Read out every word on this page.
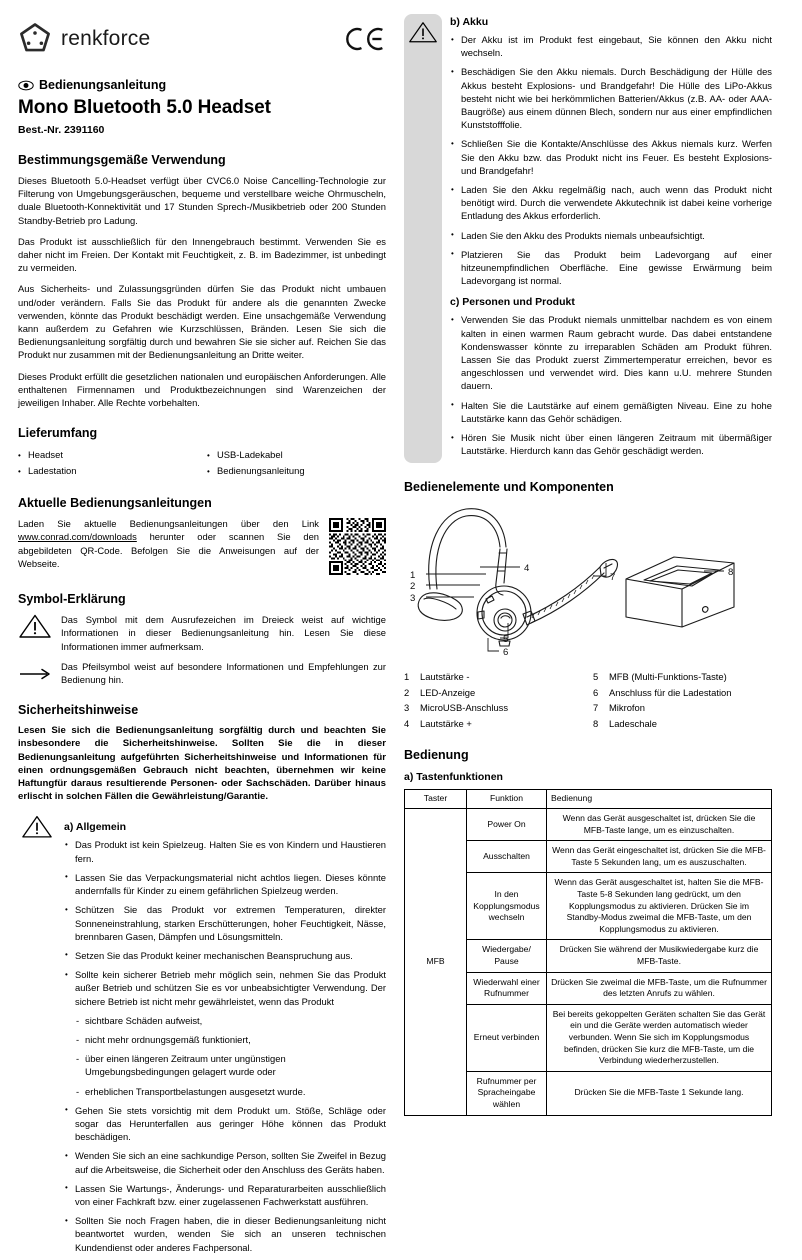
renkforce
Bedienungsanleitung
Mono Bluetooth 5.0 Headset
Best.-Nr. 2391160
Bestimmungsgemäße Verwendung

Dieses Bluetooth 5.0-Headset verfügt über CVC6.0 Noise Cancelling-Technologie zur Filterung von Umgebungsgeräuschen, bequeme und verstellbare weiche Ohrmuscheln, duale Bluetooth-Konnektivität und 17 Stunden Sprech-/Musikbetrieb oder 200 Stunden Standby-Betrieb pro Ladung.

Das Produkt ist ausschließlich für den Innengebrauch bestimmt. Verwenden Sie es daher nicht im Freien. Der Kontakt mit Feuchtigkeit, z. B. im Badezimmer, ist unbedingt zu vermeiden.

Aus Sicherheits- und Zulassungsgründen dürfen Sie das Produkt nicht umbauen und/oder verändern. Falls Sie das Produkt für andere als die genannten Zwecke verwenden, könnte das Produkt beschädigt werden. Eine unsachgemäße Verwendung kann außerdem zu Gefahren wie Kurzschlüssen, Bränden. Lesen Sie sich die Bedienungsanleitung sorgfältig durch und bewahren Sie sie sicher auf. Reichen Sie das Produkt nur zusammen mit der Bedienungsanleitung an Dritte weiter.

Dieses Produkt erfüllt die gesetzlichen nationalen und europäischen Anforderungen. Alle enthaltenen Firmennamen und Produktbezeichnungen sind Warenzeichen der jeweiligen Inhaber. Alle Rechte vorbehalten.

Lieferumfang
• Headset
• Ladestation
• USB-Ladekabel
• Bedienungsanleitung
Aktuelle Bedienungsanleitungen

Laden Sie aktuelle Bedienungsanleitungen über den Link www.conrad.com/downloads herunter oder scannen Sie den abgebildeten QR-Code. Befolgen Sie die Anweisungen auf der Webseite.

Symbol-Erklärung

Das Symbol mit dem Ausrufezeichen im Dreieck weist auf wichtige Informationen in dieser Bedienungsanleitung hin. Lesen Sie diese Informationen immer aufmerksam.

Das Pfeilsymbol weist auf besondere Informationen und Empfehlungen zur Bedienung hin.

Sicherheitshinweise

Lesen Sie sich die Bedienungsanleitung sorgfältig durch und beachten Sie insbesondere die Sicherheitshinweise. Sollten Sie die in dieser Bedienungsanleitung aufgeführten Sicherheitshinweise und Informationen für einen ordnungsgemäßen Gebrauch nicht beachten, übernehmen wir keine Haftungfür daraus resultierende Personen- oder Sachschäden. Darüber hinaus erlischt in solchen Fällen die Gewährleistung/Garantie.

a) Allgemein
• Das Produkt ist kein Spielzeug. Halten Sie es von Kindern und Haustieren fern.
• Lassen Sie das Verpackungsmaterial nicht achtlos liegen. Dieses könnte andernfalls für Kinder zu einem gefährlichen Spielzeug werden.
• Schützen Sie das Produkt vor extremen Temperaturen, direkter Sonneneinstrahlung, starken Erschütterungen, hoher Feuchtigkeit, Nässe, brennbaren Gasen, Dämpfen und Lösungsmitteln.
• Setzen Sie das Produkt keiner mechanischen Beanspruchung aus.
• Sollte kein sicherer Betrieb mehr möglich sein, nehmen Sie das Produkt außer Betrieb und schützen Sie es vor unbeabsichtigter Verwendung. Der sichere Betrieb ist nicht mehr gewährleistet, wenn das Produkt
- sichtbare Schäden aufweist,
- nicht mehr ordnungsgemäß funktioniert,
- über einen längeren Zeitraum unter ungünstigen Umgebungsbedingungen gelagert wurde oder
- erheblichen Transportbelastungen ausgesetzt wurde.
• Gehen Sie stets vorsichtig mit dem Produkt um. Stöße, Schläge oder sogar das Herunterfallen aus geringer Höhe können das Produkt beschädigen.
• Wenden Sie sich an eine sachkundige Person, sollten Sie Zweifel in Bezug auf die Arbeitsweise, die Sicherheit oder den Anschluss des Geräts haben.
• Lassen Sie Wartungs-, Änderungs- und Reparaturarbeiten ausschließlich von einer Fachkraft bzw. einer zugelassenen Fachwerkstatt ausführen.
• Sollten Sie noch Fragen haben, die in dieser Bedienungsanleitung nicht beantwortet wurden, wenden Sie sich an unseren technischen Kundendienst oder anderes Fachpersonal.
b) Akku
• Der Akku ist im Produkt fest eingebaut, Sie können den Akku nicht wechseln.
• Beschädigen Sie den Akku niemals. Durch Beschädigung der Hülle des Akkus besteht Explosions- und Brandgefahr! Die Hülle des LiPo-Akkus besteht nicht wie bei herkömmlichen Batterien/Akkus (z.B. AA- oder AAA-Baugröße) aus einem dünnen Blech, sondern nur aus einer empfindlichen Kunststofffolie.
• Schließen Sie die Kontakte/Anschlüsse des Akkus niemals kurz. Werfen Sie den Akku bzw. das Produkt nicht ins Feuer. Es besteht Explosions- und Brandgefahr!
• Laden Sie den Akku regelmäßig nach, auch wenn das Produkt nicht benötigt wird. Durch die verwendete Akkutechnik ist dabei keine vorherige Entladung des Akkus erforderlich.
• Laden Sie den Akku des Produkts niemals unbeaufsichtigt.
• Platzieren Sie das Produkt beim Ladevorgang auf einer hitzeunempfindlichen Oberfläche. Eine gewisse Erwärmung beim Ladevorgang ist normal.
c) Personen und Produkt
• Verwenden Sie das Produkt niemals unmittelbar nachdem es von einem kalten in einen warmen Raum gebracht wurde. Das dabei entstandene Kondenswasser könnte zu irreparablen Schäden am Produkt führen. Lassen Sie das Produkt zuerst Zimmertemperatur erreichen, bevor es angeschlossen und verwendet wird. Dies kann u.U. mehrere Stunden dauern.
• Halten Sie die Lautstärke auf einem gemäßigten Niveau. Eine zu hohe Lautstärke kann das Gehör schädigen.
• Hören Sie Musik nicht über einen längeren Zeitraum mit übermäßiger Lautstärke. Hierdurch kann das Gehör geschädigt werden.
Bedienelemente und Komponenten
1
2
3
4
5
6
7	8
1	Lautstärke -
2	LED-Anzeige
3	MicroUSB-Anschluss
4	Lautstärke +
5	MFB (Multi-Funktions-Taste)
6	Anschluss für die Ladestation
7	Mikrofon
8	Ladeschale
Bedienung
a) Tastenfunktionen
Taster	Funktion	Bedienung
MFB	Power On	Wenn das Gerät ausgeschaltet ist, drücken Sie die MFB-Taste lange, um es einzuschalten.
	Ausschalten	Wenn das Gerät eingeschaltet ist, drücken Sie die MFB-Taste 5 Sekunden lang, um es auszuschalten.
	In den Kopplungsmodus wechseln	Wenn das Gerät ausgeschaltet ist, halten Sie die MFB-Taste 5-8 Sekunden lang gedrückt, um den Kopplungsmodus zu aktivieren. Drücken Sie im Standby-Modus zweimal die MFB-Taste, um den Kopplungsmodus zu aktivieren.
	Wiedergabe/ Pause	Drücken Sie während der Musikwiedergabe kurz die MFB-Taste.
	Wiederwahl einer Rufnummer	Drücken Sie zweimal die MFB-Taste, um die Rufnummer des letzten Anrufs zu wählen.
	Erneut verbinden	Bei bereits gekoppelten Geräten schalten Sie das Gerät ein und die Geräte werden automatisch wieder verbunden. Wenn Sie sich im Kopplungsmodus befinden, drücken Sie kurz die MFB-Taste, um die Verbindung wiederherzustellen.
	Rufnummer per Spracheingabe wählen	Drücken Sie die MFB-Taste 1 Sekunde lang.
